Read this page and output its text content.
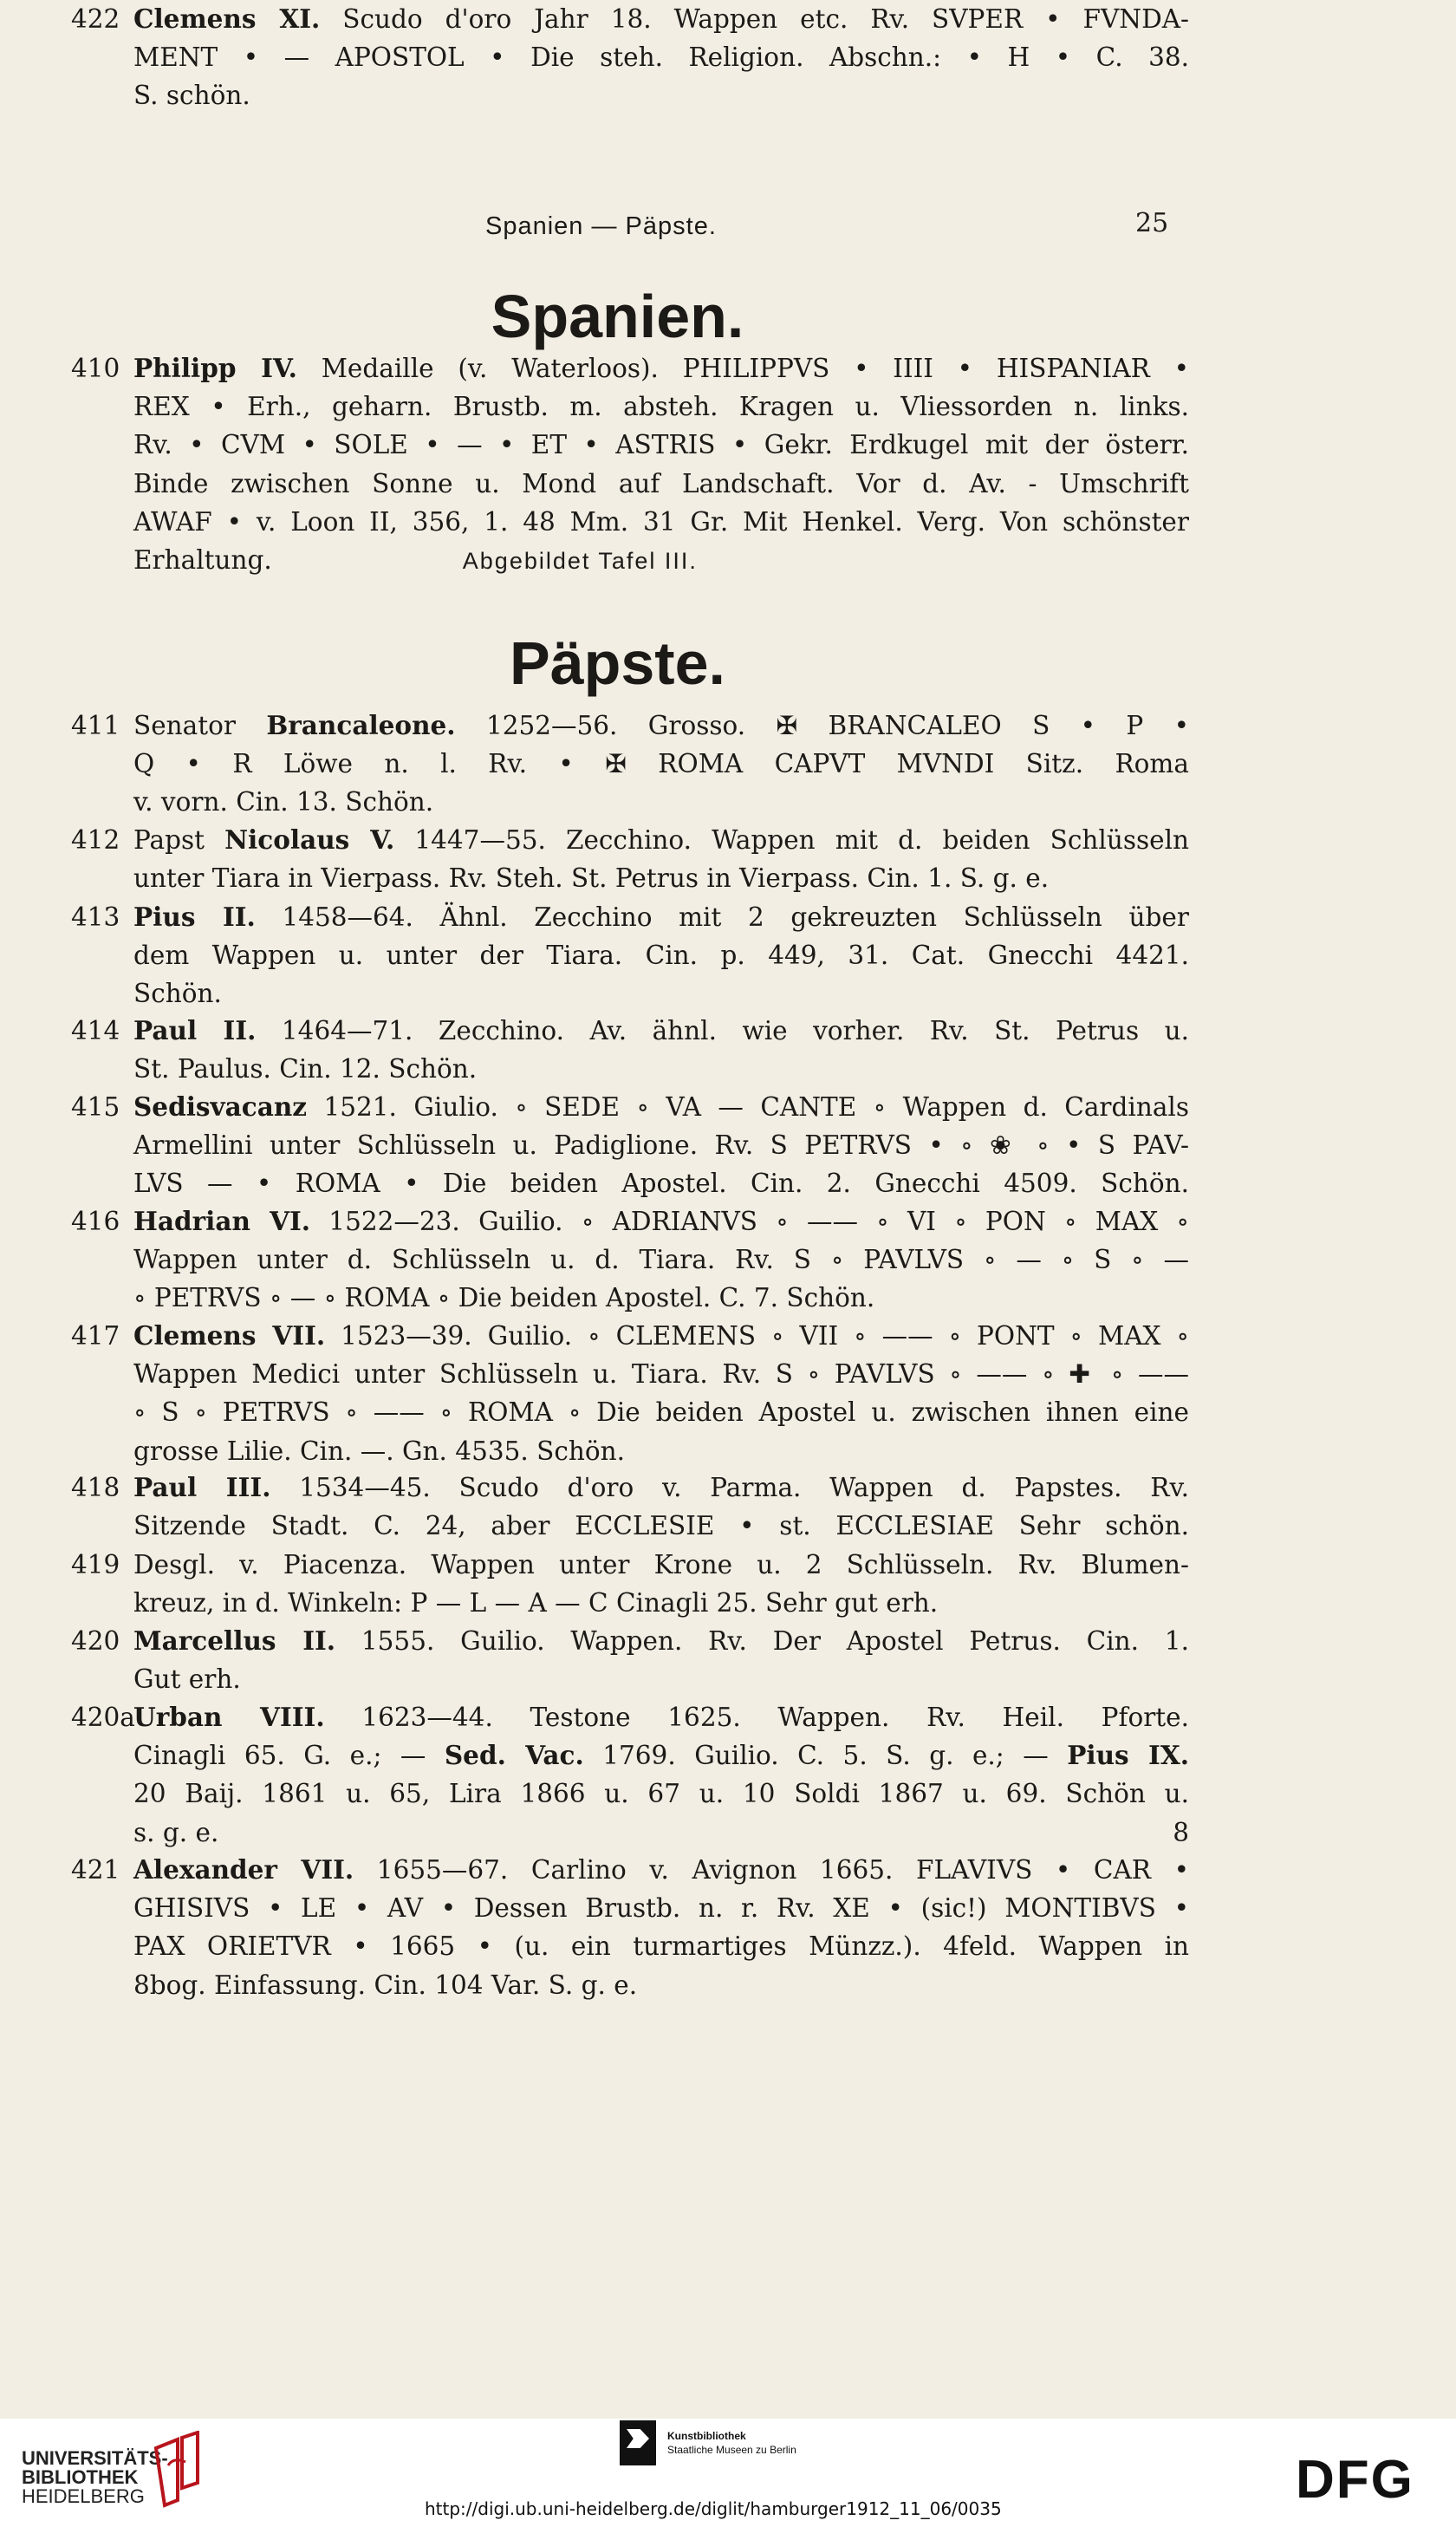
Spanien — Päpste.	25
Spanien.
Päpste.
410 Philipp IV. Medaille (v. Waterloos). PHILIPPVS • IIII • HISPANIAR •
REX • Erh., geharn. Brustb. m. absteh. Kragen u. Vliessorden n. links.
Rv. • CVM • SOLE • — • ET • ASTRIS • Gekr. Erdkugel mit der österr.
Binde zwischen Sonne u. Mond auf Landschaft. Vor d. Av. - Umschrift
AWAF • v. Loon II, 356, 1. 48 Mm. 31 Gr. Mit Henkel. Verg. Von schönster
Erhaltung.	Abgebildet Tafel III.
411 Senator Brancaleone. 1252—56. Grosso. ✠ BRANCALEO S • P •
Q • R Löwe n. l. Rv. • ✠ ROMA CAPVT MVNDI Sitz. Roma
v. vorn. Cin. 13. Schön.
412 Papst Nicolaus V. 1447—55. Zecchino. Wappen mit d. beiden Schlüsseln
unter Tiara in Vierpass. Rv. Steh. St. Petrus in Vierpass. Cin. 1. S. g. e.
413 Pius II. 1458—64. Ähnl. Zecchino mit 2 gekreuzten Schlüsseln über
dem Wappen u. unter der Tiara. Cin. p. 449, 31. Cat. Gnecchi 4421.
Schön.
414 Paul II. 1464—71. Zecchino. Av. ähnl. wie vorher. Rv. St. Petrus u.
St. Paulus. Cin. 12. Schön.
415 Sedisvacanz 1521. Giulio. ∘ SEDE ∘ VA — CANTE ∘ Wappen d. Cardinals
Armellini unter Schlüsseln u. Padiglione. Rv. S PETRVS • ∘ ❀ ∘ • S PAV-
LVS — • ROMA • Die beiden Apostel. Cin. 2. Gnecchi 4509. Schön.
416 Hadrian VI. 1522—23. Guilio. ∘ ADRIANVS ∘ —— ∘ VI ∘ PON ∘ MAX ∘
Wappen unter d. Schlüsseln u. d. Tiara. Rv. S ∘ PAVLVS ∘ — ∘ S ∘ —
∘ PETRVS ∘ — ∘ ROMA ∘ Die beiden Apostel. C. 7. Schön.
417 Clemens VII. 1523—39. Guilio. ∘ CLEMENS ∘ VII ∘ —— ∘ PONT ∘ MAX ∘
Wappen Medici unter Schlüsseln u. Tiara. Rv. S ∘ PAVLVS ∘ —— ∘ ✚ ∘ ——
∘ S ∘ PETRVS ∘ —— ∘ ROMA ∘ Die beiden Apostel u. zwischen ihnen eine
grosse Lilie. Cin. —. Gn. 4535. Schön.
418 Paul III. 1534—45. Scudo d'oro v. Parma. Wappen d. Papstes. Rv.
Sitzende Stadt. C. 24, aber ECCLESIE • st. ECCLESIAE Sehr schön.
419 Desgl. v. Piacenza. Wappen unter Krone u. 2 Schlüsseln. Rv. Blumen-
kreuz, in d. Winkeln: P — L — A — C Cinagli 25. Sehr gut erh.
420 Marcellus II. 1555. Guilio. Wappen. Rv. Der Apostel Petrus. Cin. 1.
Gut erh.
420a
Urban VIII. 1623—44. Testone 1625. Wappen. Rv. Heil. Pforte.
Cinagli 65. G. e.; — Sed. Vac. 1769. Guilio. C. 5. S. g. e.; — Pius IX.
20 Baij. 1861 u. 65, Lira 1866 u. 67 u. 10 Soldi 1867 u. 69. Schön u.
s. g. e.	8
421 Alexander VII. 1655—67. Carlino v. Avignon 1665. FLAVIVS • CAR •
GHISIVS • LE • AV • Dessen Brustb. n. r. Rv. XE • (sic!) MONTIBVS •
PAX ORIETVR • 1665 • (u. ein turmartiges Münzz.). 4feld. Wappen in
8bog. Einfassung. Cin. 104 Var. S. g. e.
422 Clemens XI. Scudo d'oro Jahr 18. Wappen etc. Rv. SVPER • FVNDA-
MENT • — APOSTOL • Die steh. Religion. Abschn.: • H • C. 38.
S. schön.
UNIVERSITÄTS-
BIBLIOTHEK
HEIDELBERG
Kunstbibliothek
Staatliche Museen zu Berlin	DFG
http://digi.ub.uni-heidelberg.de/diglit/hamburger1912_11_06/0035
